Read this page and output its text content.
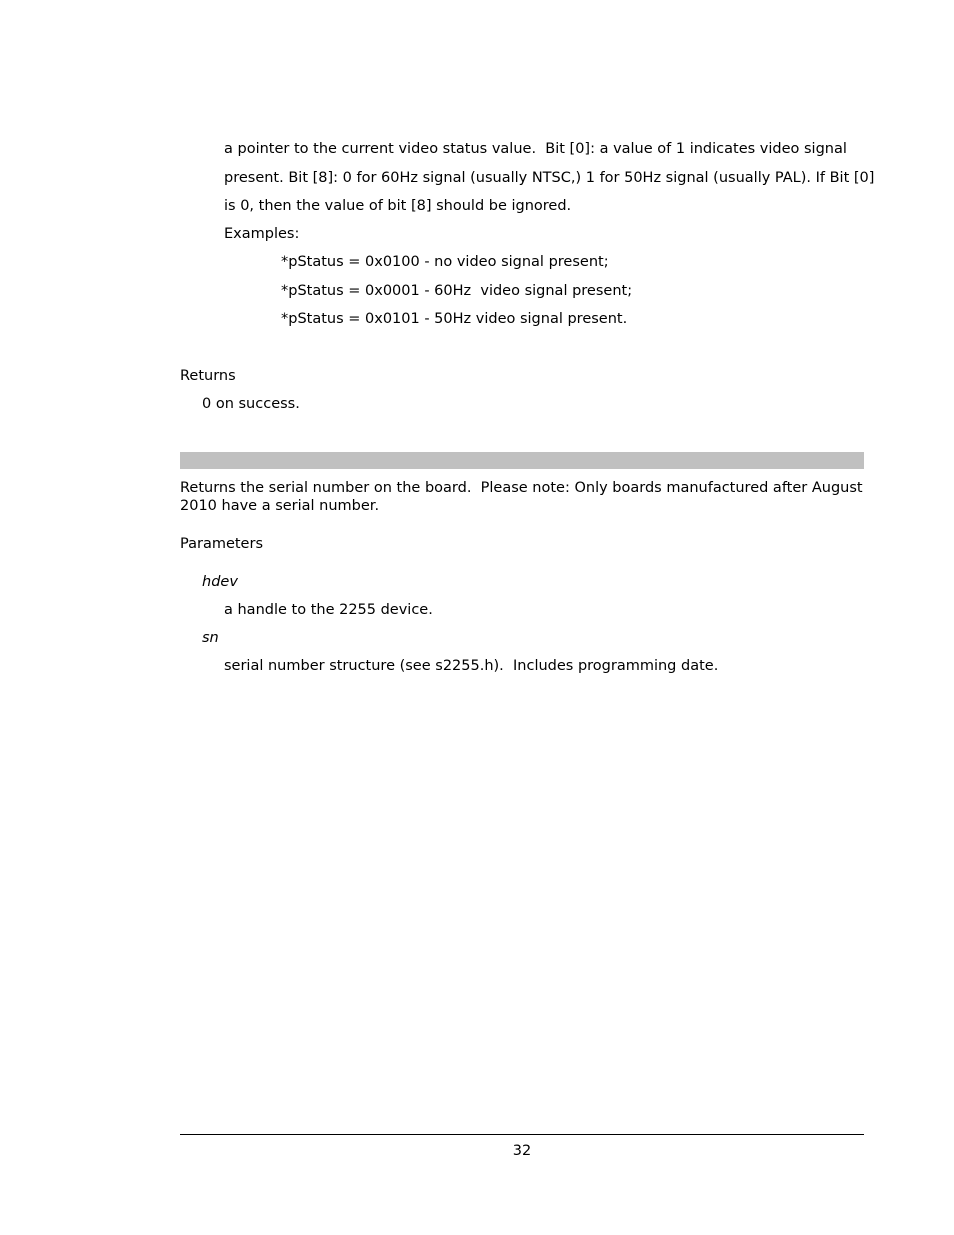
a pointer to the current video status value.  Bit [0]: a value of 1 indicates video signal
present. Bit [8]: 0 for 60Hz signal (usually NTSC,) 1 for 50Hz signal (usually PAL). If Bit [0]
is 0, then the value of bit [8] should be ignored.
Examples:
*pStatus = 0x0100 - no video signal present;
*pStatus = 0x0001 - 60Hz  video signal present;
*pStatus = 0x0101 - 50Hz video signal present.
Returns
0 on success.
Returns the serial number on the board.  Please note: Only boards manufactured after August
2010 have a serial number.
Parameters
hdev
a handle to the 2255 device.
sn
serial number structure (see s2255.h).  Includes programming date.
32
